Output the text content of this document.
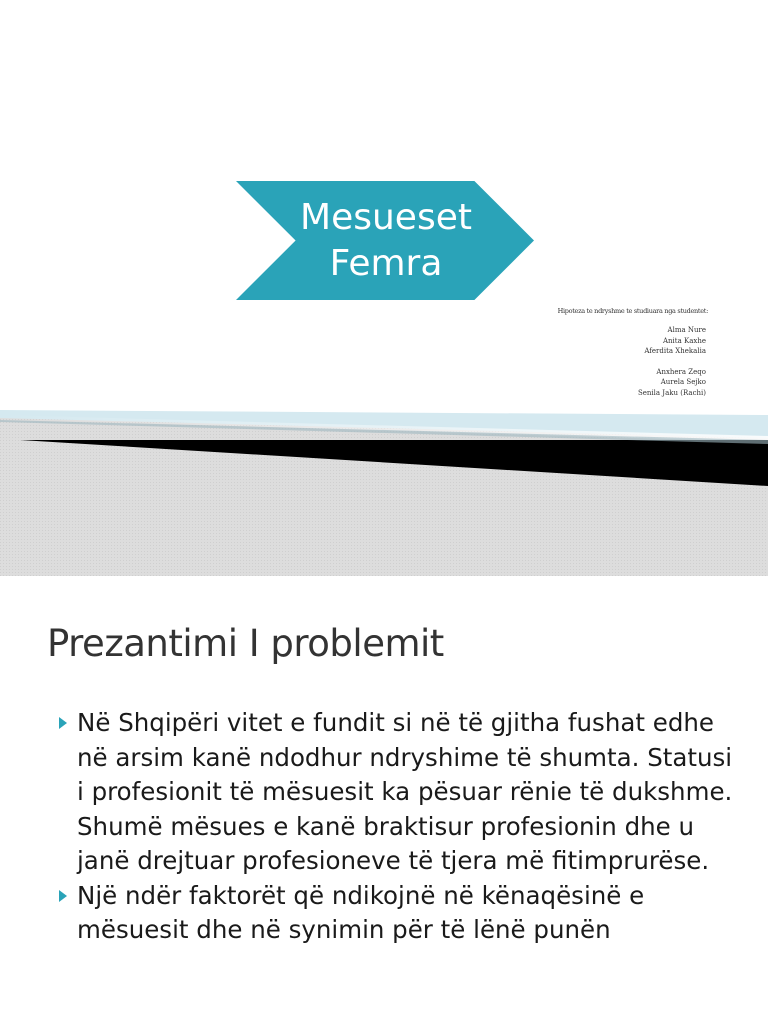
Mesueset
Femra
Hipoteza te ndryshme te studiuara nga studentet:
Alma Nure
Anita Kaxhe
Aferdita Xhekalia
Anxhera Zeqo
Aurela Sejko
Senila Jaku (Rachi)
Prezantimi I problemit
Në Shqipëri vitet e fundit si në të gjitha fushat edhe në arsim kanë ndodhur ndryshime të shumta. Statusi i profesionit të mësuesit ka pësuar rënie të dukshme. Shumë mësues e kanë braktisur profesionin dhe u janë drejtuar profesioneve të tjera më fitimprurëse.
Një ndër faktorët që ndikojnë në kënaqësinë e mësuesit dhe në synimin për të lënë punën
